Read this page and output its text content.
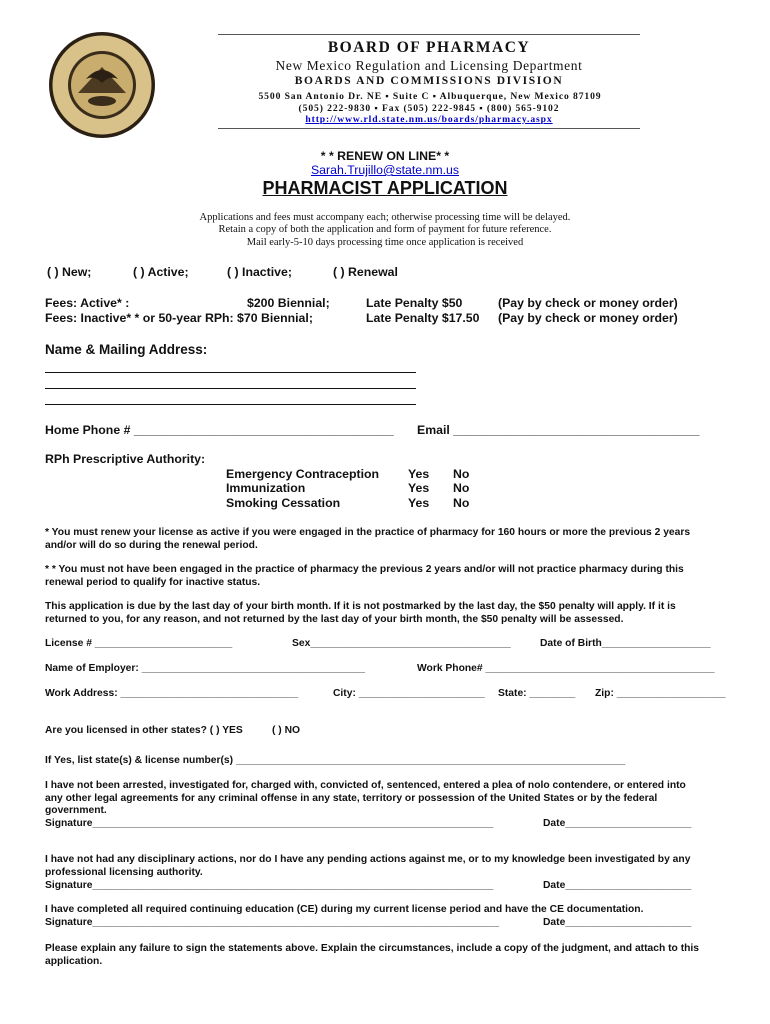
BOARD OF PHARMACY
New Mexico Regulation and Licensing Department
BOARDS AND COMMISSIONS DIVISION
5500 San Antonio Dr. NE ▪ Suite C ▪ Albuquerque, New Mexico 87109
(505) 222-9830 ▪ Fax (505) 222-9845 ▪ (800) 565-9102
http://www.rld.state.nm.us/boards/pharmacy.aspx
* * RENEW ON LINE* *
Sarah.Trujillo@state.nm.us
PHARMACIST APPLICATION
Applications and fees must accompany each; otherwise processing time will be delayed.
Retain a copy of both the application and form of payment for future reference.
Mail early-5-10 days processing time once application is received
( ) New;	( ) Active;	( ) Inactive;	( ) Renewal
Fees: Active* :	$200 Biennial;	Late Penalty $50	(Pay by check or money order)
Fees: Inactive* * or 50-year RPh: $70 Biennial;	Late Penalty $17.50 (Pay by check or money order)
Name & Mailing Address:
Home Phone # ______________________________________ Email ____________________________________
RPh Prescriptive Authority:
Emergency Contraception Yes No
Immunization	Yes No
Smoking Cessation	Yes No
* You must renew your license as active if you were engaged in the practice of pharmacy for 160 hours or more the previous 2 years
and/or will do so during the renewal period.
* * You must not have been engaged in the practice of pharmacy the previous 2 years and/or will not practice pharmacy during this
renewal period to qualify for inactive status.
This application is due by the last day of your birth month. If it is not postmarked by the last day, the $50 penalty will apply. If it is
returned to you, for any reason, and not returned by the last day of your birth month, the $50 penalty will be assessed.
License # ________________________	Sex___________________________________	Date of Birth___________________
Name of Employer: _______________________________________	Work Phone# ________________________________________
Work Address: _______________________________	City: ______________________ State: ________ Zip: ___________________
Are you licensed in other states? ( ) YES	( ) NO
If Yes, list state(s) & license number(s) ____________________________________________________________________
I have not been arrested, investigated for, charged with, convicted of, sentenced, entered a plea of nolo contendere, or entered into
any other legal agreements for any criminal offense in any state, territory or possession of the United States or by the federal
government.
Signature______________________________________________________________________	Date______________________
I have not had any disciplinary actions, nor do I have any pending actions against me, or to my knowledge been investigated by any
professional licensing authority.
Signature______________________________________________________________________	Date______________________
I have completed all required continuing education (CE) during my current license period and have the CE documentation.
Signature_______________________________________________________________________	Date______________________
Please explain any failure to sign the statements above. Explain the circumstances, include a copy of the judgment, and attach to this
application.
